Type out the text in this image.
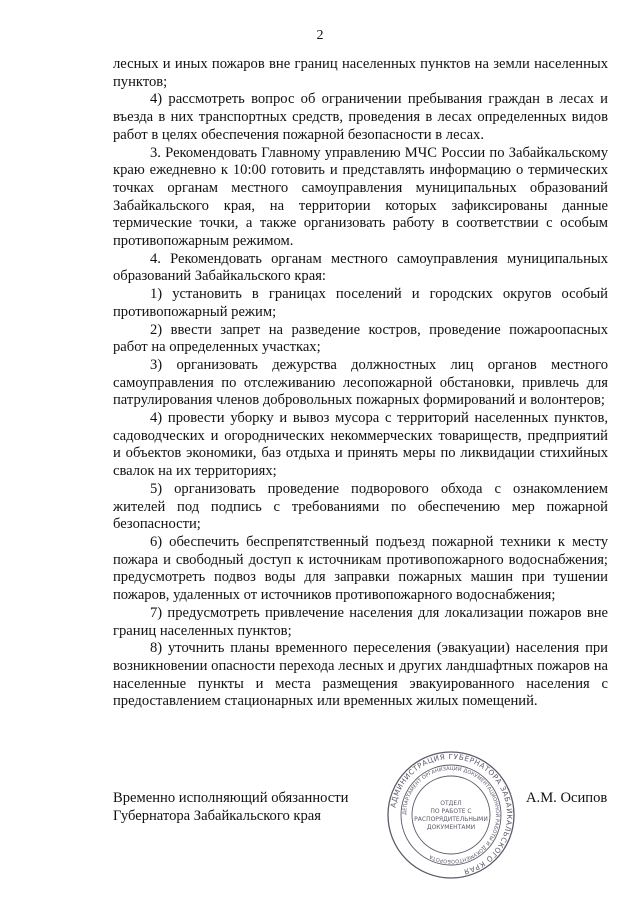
2

лесных и иных пожаров вне границ населенных пунктов на земли населенных пунктов;

4) рассмотреть вопрос об ограничении пребывания граждан в лесах и въезда в них транспортных средств, проведения в лесах определенных видов работ в целях обеспечения пожарной безопасности в лесах.

3. Рекомендовать Главному управлению МЧС России по Забайкальскому краю ежедневно к 10:00 готовить и представлять информацию о термических точках органам местного самоуправления муниципальных образований Забайкальского края, на территории которых зафиксированы данные термические точки, а также организовать работу в соответствии с особым противопожарным режимом.

4. Рекомендовать органам местного самоуправления муниципальных образований Забайкальского края:

1) установить в границах поселений и городских округов особый противопожарный режим;

2) ввести запрет на разведение костров, проведение пожароопасных работ на определенных участках;

3) организовать дежурства должностных лиц органов местного самоуправления по отслеживанию лесопожарной обстановки, привлечь для патрулирования членов добровольных пожарных формирований и волонтеров;

4) провести уборку и вывоз мусора с территорий населенных пунктов, садоводческих и огороднических некоммерческих товариществ, предприятий и объектов экономики, баз отдыха и принять меры по ликвидации стихийных свалок на их территориях;

5) организовать проведение подворового обхода с ознакомлением жителей под подпись с требованиями по обеспечению мер пожарной безопасности;

6) обеспечить беспрепятственный подъезд пожарной техники к месту пожара и свободный доступ к источникам противопожарного водоснабжения; предусмотреть подвоз воды для заправки пожарных машин при тушении пожаров, удаленных от источников противопожарного водоснабжения;

7) предусмотреть привлечение населения для локализации пожаров вне границ населенных пунктов;

8) уточнить планы временного переселения (эвакуации) населения при возникновении опасности перехода лесных и других ландшафтных пожаров на населенные пункты и места размещения эвакуированного населения с предоставлением стационарных или временных жилых помещений.

Временно исполняющий обязанности
Губернатора Забайкальского края
АДМИНИСТРАЦИЯ ГУБЕРНАТОРА ЗАБАЙКАЛЬСКОГО КРАЯ
ДЕПАРТАМЕНТ ОРГАНИЗАЦИИ ДОКУМЕНТАЦИОННОЙ РАБОТЫ И ДОКУМЕНТООБОРОТА
ОТДЕЛ
ПО РАБОТЕ С
РАСПОРЯДИТЕЛЬНЫМИ
ДОКУМЕНТАМИ
А.М. Осипов
